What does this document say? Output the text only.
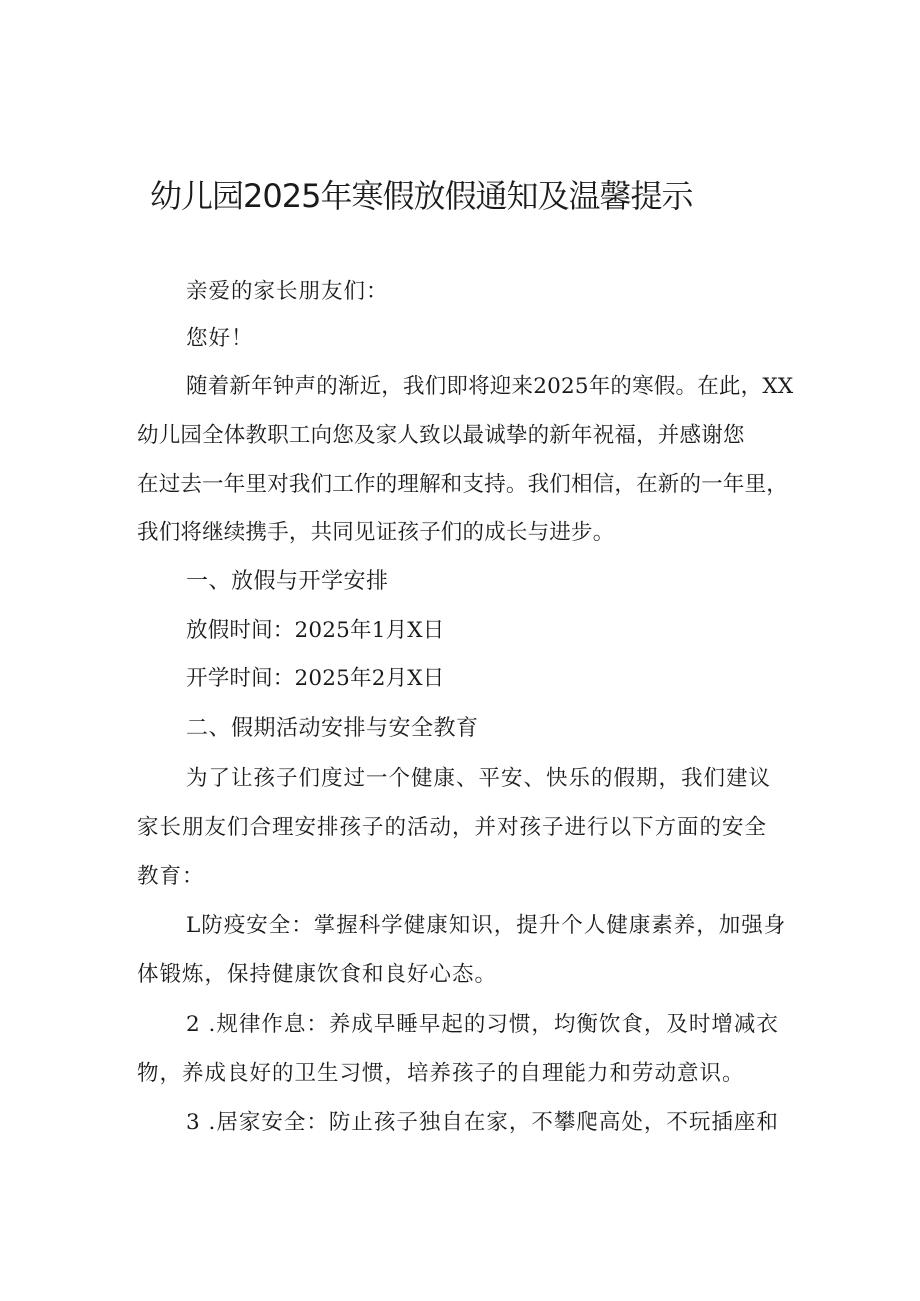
幼儿园2025年寒假放假通知及温馨提示

亲爱的家长朋友们：

您好！

随着新年钟声的渐近，我们即将迎来2025年的寒假。在此，XX

幼儿园全体教职工向您及家人致以最诚挚的新年祝福，并感谢您

在过去一年里对我们工作的理解和支持。我们相信，在新的一年里，

我们将继续携手，共同见证孩子们的成长与进步。

一、放假与开学安排

放假时间：2025年1月X日

开学时间：2025年2月X日

二、假期活动安排与安全教育

为了让孩子们度过一个健康、平安、快乐的假期，我们建议

家长朋友们合理安排孩子的活动，并对孩子进行以下方面的安全

教育：

L防疫安全：掌握科学健康知识，提升个人健康素养，加强身

体锻炼，保持健康饮食和良好心态。

2 .规律作息：养成早睡早起的习惯，均衡饮食，及时增减衣

物，养成良好的卫生习惯，培养孩子的自理能力和劳动意识。

3 .居家安全：防止孩子独自在家，不攀爬高处，不玩插座和
